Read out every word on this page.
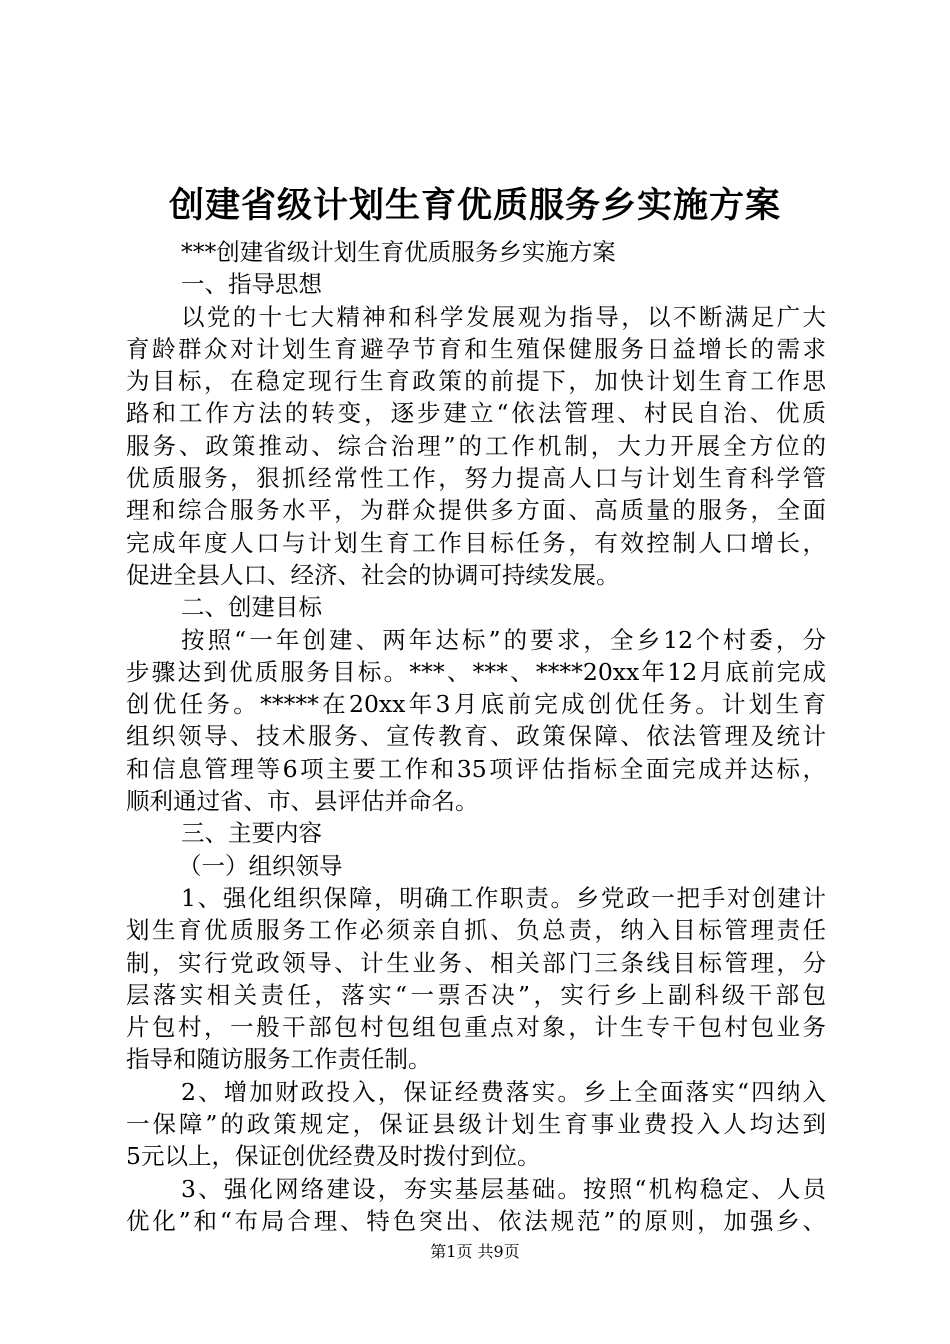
创建省级计划生育优质服务乡实施方案

***创建省级计划生育优质服务乡实施方案

一、指导思想

以党的十七大精神和科学发展观为指导，以不断满足广大

育龄群众对计划生育避孕节育和生殖保健服务日益增长的需求

为目标，在稳定现行生育政策的前提下，加快计划生育工作思

路和工作方法的转变，逐步建立“依法管理、村民自治、优质

服务、政策推动、综合治理”的工作机制，大力开展全方位的

优质服务，狠抓经常性工作，努力提高人口与计划生育科学管

理和综合服务水平，为群众提供多方面、高质量的服务，全面

完成年度人口与计划生育工作目标任务，有效控制人口增长，

促进全县人口、经济、社会的协调可持续发展。

二、创建目标

按照“一年创建、两年达标”的要求，全乡12个村委，分

步骤达到优质服务目标。***、***、****20xx年12月底前完成

创优任务。*****在20xx年3月底前完成创优任务。计划生育

组织领导、技术服务、宣传教育、政策保障、依法管理及统计

和信息管理等6项主要工作和35项评估指标全面完成并达标，

顺利通过省、市、县评估并命名。

三、主要内容

（一）组织领导

1、强化组织保障，明确工作职责。乡党政一把手对创建计

划生育优质服务工作必须亲自抓、负总责，纳入目标管理责任

制，实行党政领导、计生业务、相关部门三条线目标管理，分

层落实相关责任，落实“一票否决”，实行乡上副科级干部包

片包村，一般干部包村包组包重点对象，计生专干包村包业务

指导和随访服务工作责任制。

2、增加财政投入，保证经费落实。乡上全面落实“四纳入

一保障”的政策规定，保证县级计划生育事业费投入人均达到

5元以上，保证创优经费及时拨付到位。

3、强化网络建设，夯实基层基础。按照“机构稳定、人员

优化”和“布局合理、特色突出、依法规范”的原则，加强乡、

第1页 共9页
